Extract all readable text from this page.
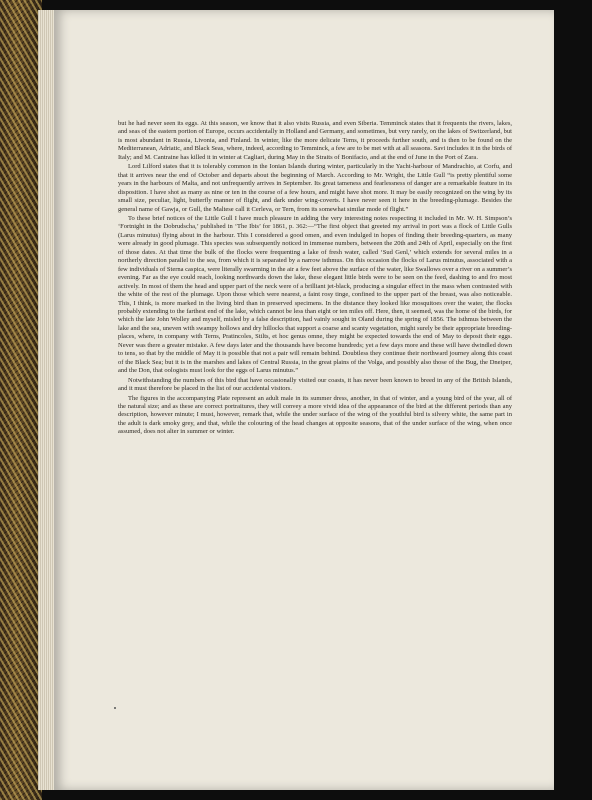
but he had never seen its eggs. At this season, we know that it also visits Russia, and even Siberia. Temminck states that it frequents the rivers, lakes, and seas of the eastern portion of Europe, occurs accidentally in Holland and Germany, and sometimes, but very rarely, on the lakes of Switzerland, but is most abundant in Russia, Livonia, and Finland. In winter, like the more delicate Terns, it proceeds further south, and is then to be found on the Mediterranean, Adriatic, and Black Seas, where, indeed, according to Temminck, a few are to be met with at all seasons. Savi includes it in the birds of Italy; and M. Cantraine has killed it in winter at Cagliari, during May in the Straits of Bonifacio, and at the end of June in the Port of Zara.

Lord Lilford states that it is tolerably common in the Ionian Islands during winter, particularly in the Yacht-harbour of Mandrachio, at Corfu, and that it arrives near the end of October and departs about the beginning of March. According to Mr. Wright, the Little Gull “is pretty plentiful some years in the harbours of Malta, and not unfrequently arrives in September. Its great tameness and fearlessness of danger are a remarkable feature in its disposition. I have shot as many as nine or ten in the course of a few hours, and might have shot more. It may be easily recognized on the wing by its small size, peculiar, light, butterfly manner of flight, and dark under wing-coverts. I have never seen it here in the breeding-plumage. Besides the general name of Gawja, or Gull, the Maltese call it Cerleva, or Tern, from its somewhat similar mode of flight.”

To these brief notices of the Little Gull I have much pleasure in adding the very interesting notes respecting it included in Mr. W. H. Simpson’s ‘Fortnight in the Dobrudscha,’ published in ‘The Ibis’ for 1861, p. 362:—“The first object that greeted my arrival in port was a flock of Little Gulls (Larus minutus) flying about in the harbour. This I considered a good omen, and even indulged in hopes of finding their breeding-quarters, as many were already in good plumage. This species was subsequently noticed in immense numbers, between the 20th and 24th of April, especially on the first of those dates. At that time the bulk of the flocks were frequenting a lake of fresh water, called ‘Sud Genl,’ which extends for several miles in a northerly direction parallel to the sea, from which it is separated by a narrow isthmus. On this occasion the flocks of Larus minutus, associated with a few individuals of Sterna caspica, were literally swarming in the air a few feet above the surface of the water, like Swallows over a river on a summer’s evening. Far as the eye could reach, looking northwards down the lake, these elegant little birds were to be seen on the feed, dashing to and fro most actively. In most of them the head and upper part of the neck were of a brilliant jet-black, producing a singular effect in the mass when contrasted with the white of the rest of the plumage. Upon those which were nearest, a faint rosy tinge, confined to the upper part of the breast, was also noticeable. This, I think, is more marked in the living bird than in preserved specimens. In the distance they looked like mosquitoes over the water, the flocks probably extending to the farthest end of the lake, which cannot be less than eight or ten miles off. Here, then, it seemed, was the home of the birds, for which the late John Wolley and myself, misled by a false description, had vainly sought in Oland during the spring of 1856. The isthmus between the lake and the sea, uneven with swampy hollows and dry hillocks that support a coarse and scanty vegetation, might surely be their appropriate breeding-places, where, in company with Terns, Pratincoles, Stilts, et hoc genus omne, they might be expected towards the end of May to deposit their eggs. Never was there a greater mistake. A few days later and the thousands have become hundreds; yet a few days more and these will have dwindled down to tens, so that by the middle of May it is possible that not a pair will remain behind. Doubtless they continue their northward journey along this coast of the Black Sea; but it is in the marshes and lakes of Central Russia, in the great plains of the Volga, and possibly also those of the Bug, the Dneiper, and the Don, that oologists must look for the eggs of Larus minutus.”

Notwithstanding the numbers of this bird that have occasionally visited our coasts, it has never been known to breed in any of the British Islands, and it must therefore be placed in the list of our accidental visitors.

The figures in the accompanying Plate represent an adult male in its summer dress, another, in that of winter, and a young bird of the year, all of the natural size; and as these are correct portraitures, they will convey a more vivid idea of the appearance of the bird at the different periods than any description, however minute; I must, however, remark that, while the under surface of the wing of the youthful bird is silvery white, the same part in the adult is dark smoky grey, and that, while the colouring of the head changes at opposite seasons, that of the under surface of the wing, when once assumed, does not alter in summer or winter.
